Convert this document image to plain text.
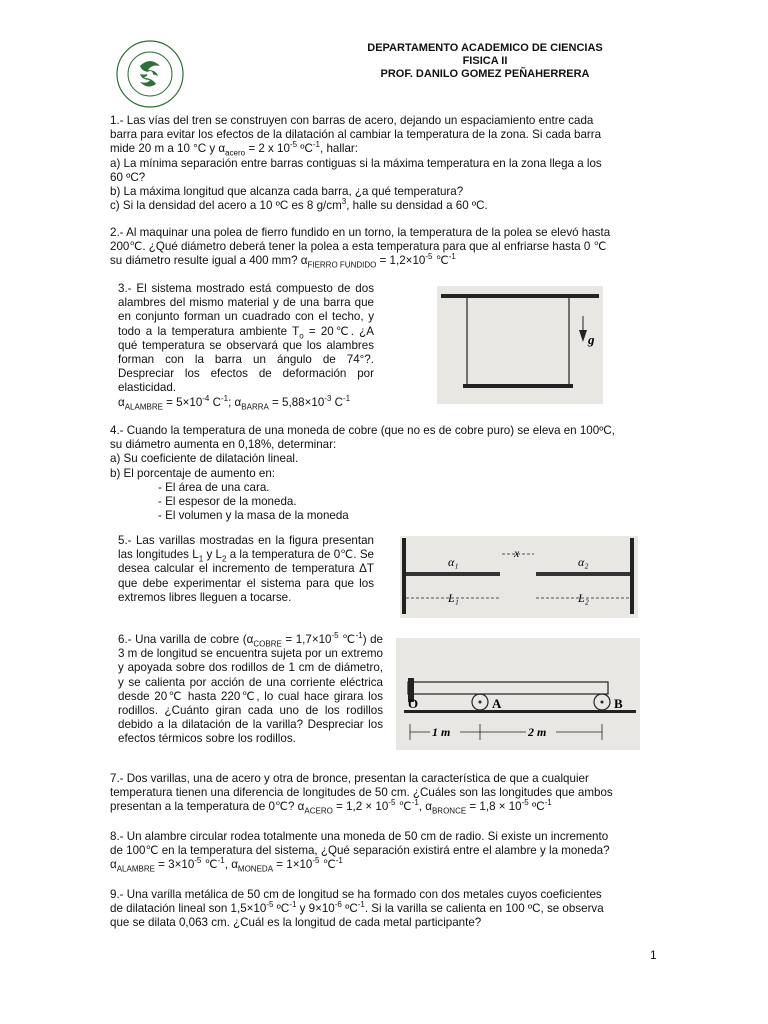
DEPARTAMENTO ACADEMICO DE CIENCIAS
FISICA II
PROF. DANILO GOMEZ PEÑAHERRERA
1.- Las vías del tren se construyen con barras de acero, dejando un espaciamiento entre cada
barra para evitar los efectos de la dilatación al cambiar la temperatura de la zona. Si cada barra
mide 20 m a 10 °C y $\alpha_{acero} = 2$ x $10^{-5}$ ºC$^{-1}$, hallar:
a) La mínima separación entre barras contiguas si la máxima temperatura en la zona llega a los
60 ºC?
b) La máxima longitud que alcanza cada barra, ¿a qué temperatura?
c) Si la densidad del acero a 10 ºC es 8 $g/cm^3$, halle su densidad a 60 ºC.
2.- Al maquinar una polea de fierro fundido en un torno, la temperatura de la polea se elevó hasta
200℃. ¿Qué diámetro deberá tener la polea a esta temperatura para que al enfriarse hasta 0 ℃
su diámetro resulte igual a 400 mm? $\alpha_{FIERRO FUNDIDO} = 1,2\times 10^{-5}$ ℃$^{-1}$
3.- El sistema mostrado está compuesto de dos alambres del mismo material y de una barra que en conjunto forman un cuadrado con el techo, y todo a la temperatura ambiente $T_o$ = 20℃. ¿A qué temperatura se observará que los alambres forman con la barra un ángulo de 74°?. Despreciar los efectos de deformación por elasticidad.
$\alpha_{ALAMBRE} = 5\times 10^{-4}$ $C^{-1}$; $\alpha_{BARRA} = 5,88\times 10^{-3}$ $C^{-1}$
g
4.- Cuando la temperatura de una moneda de cobre (que no es de cobre puro) se eleva en 100ºC,
su diámetro aumenta en 0,18%, determinar:
a) Su coeficiente de dilatación lineal.
b) El porcentaje de aumento en:
- El área de una cara.
- El espesor de la moneda.
- El volumen y la masa de la moneda
5.- Las varillas mostradas en la figura presentan las longitudes $L_1$ y $L_2$ a la temperatura de 0℃. Se desea calcular el incremento de temperatura ΔT que debe experimentar el sistema para que los extremos libres lleguen a tocarse.
α₁	α₂
x
L₁	L₂
6.- Una varilla de cobre ($\alpha_{COBRE} = 1,7\times 10^{-5}$ ℃$^{-1}$) de 3 m de longitud se encuentra sujeta por un extremo y apoyada sobre dos rodillos de 1 cm de diámetro, y se calienta por acción de una corriente eléctrica desde 20℃ hasta 220℃, lo cual hace girara los rodillos. ¿Cuánto giran cada uno de los rodillos debido a la dilatación de la varilla? Despreciar los efectos térmicos sobre los rodillos.
O	A	B
1 m	2 m
7.- Dos varillas, una de acero y otra de bronce, presentan la característica de que a cualquier
temperatura tienen una diferencia de longitudes de 50 cm. ¿Cuáles son las longitudes que ambos
presentan a la temperatura de 0℃? $\alpha_{ACERO} = 1,2 \times 10^{-5}$ ℃$^{-1}$, $\alpha_{BRONCE} = 1,8 \times 10^{-5}$ ºC$^{-1}$
8.- Un alambre circular rodea totalmente una moneda de 50 cm de radio. Si existe un incremento
de 100℃ en la temperatura del sistema, ¿Qué separación existirá entre el alambre y la moneda?
$\alpha_{ALAMBRE} = 3\times 10^{-5}$ ℃$^{-1}$, $\alpha_{MONEDA} = 1\times 10^{-5}$ ℃$^{-1}$
9.- Una varilla metálica de 50 cm de longitud se ha formado con dos metales cuyos coeficientes
de dilatación lineal son $1,5\times 10^{-5}$ ºC$^{-1}$ y $9\times 10^{-6}$ ºC$^{-1}$. Si la varilla se calienta en 100 ºC, se observa
que se dilata 0,063 cm. ¿Cuál es la longitud de cada metal participante?
1
